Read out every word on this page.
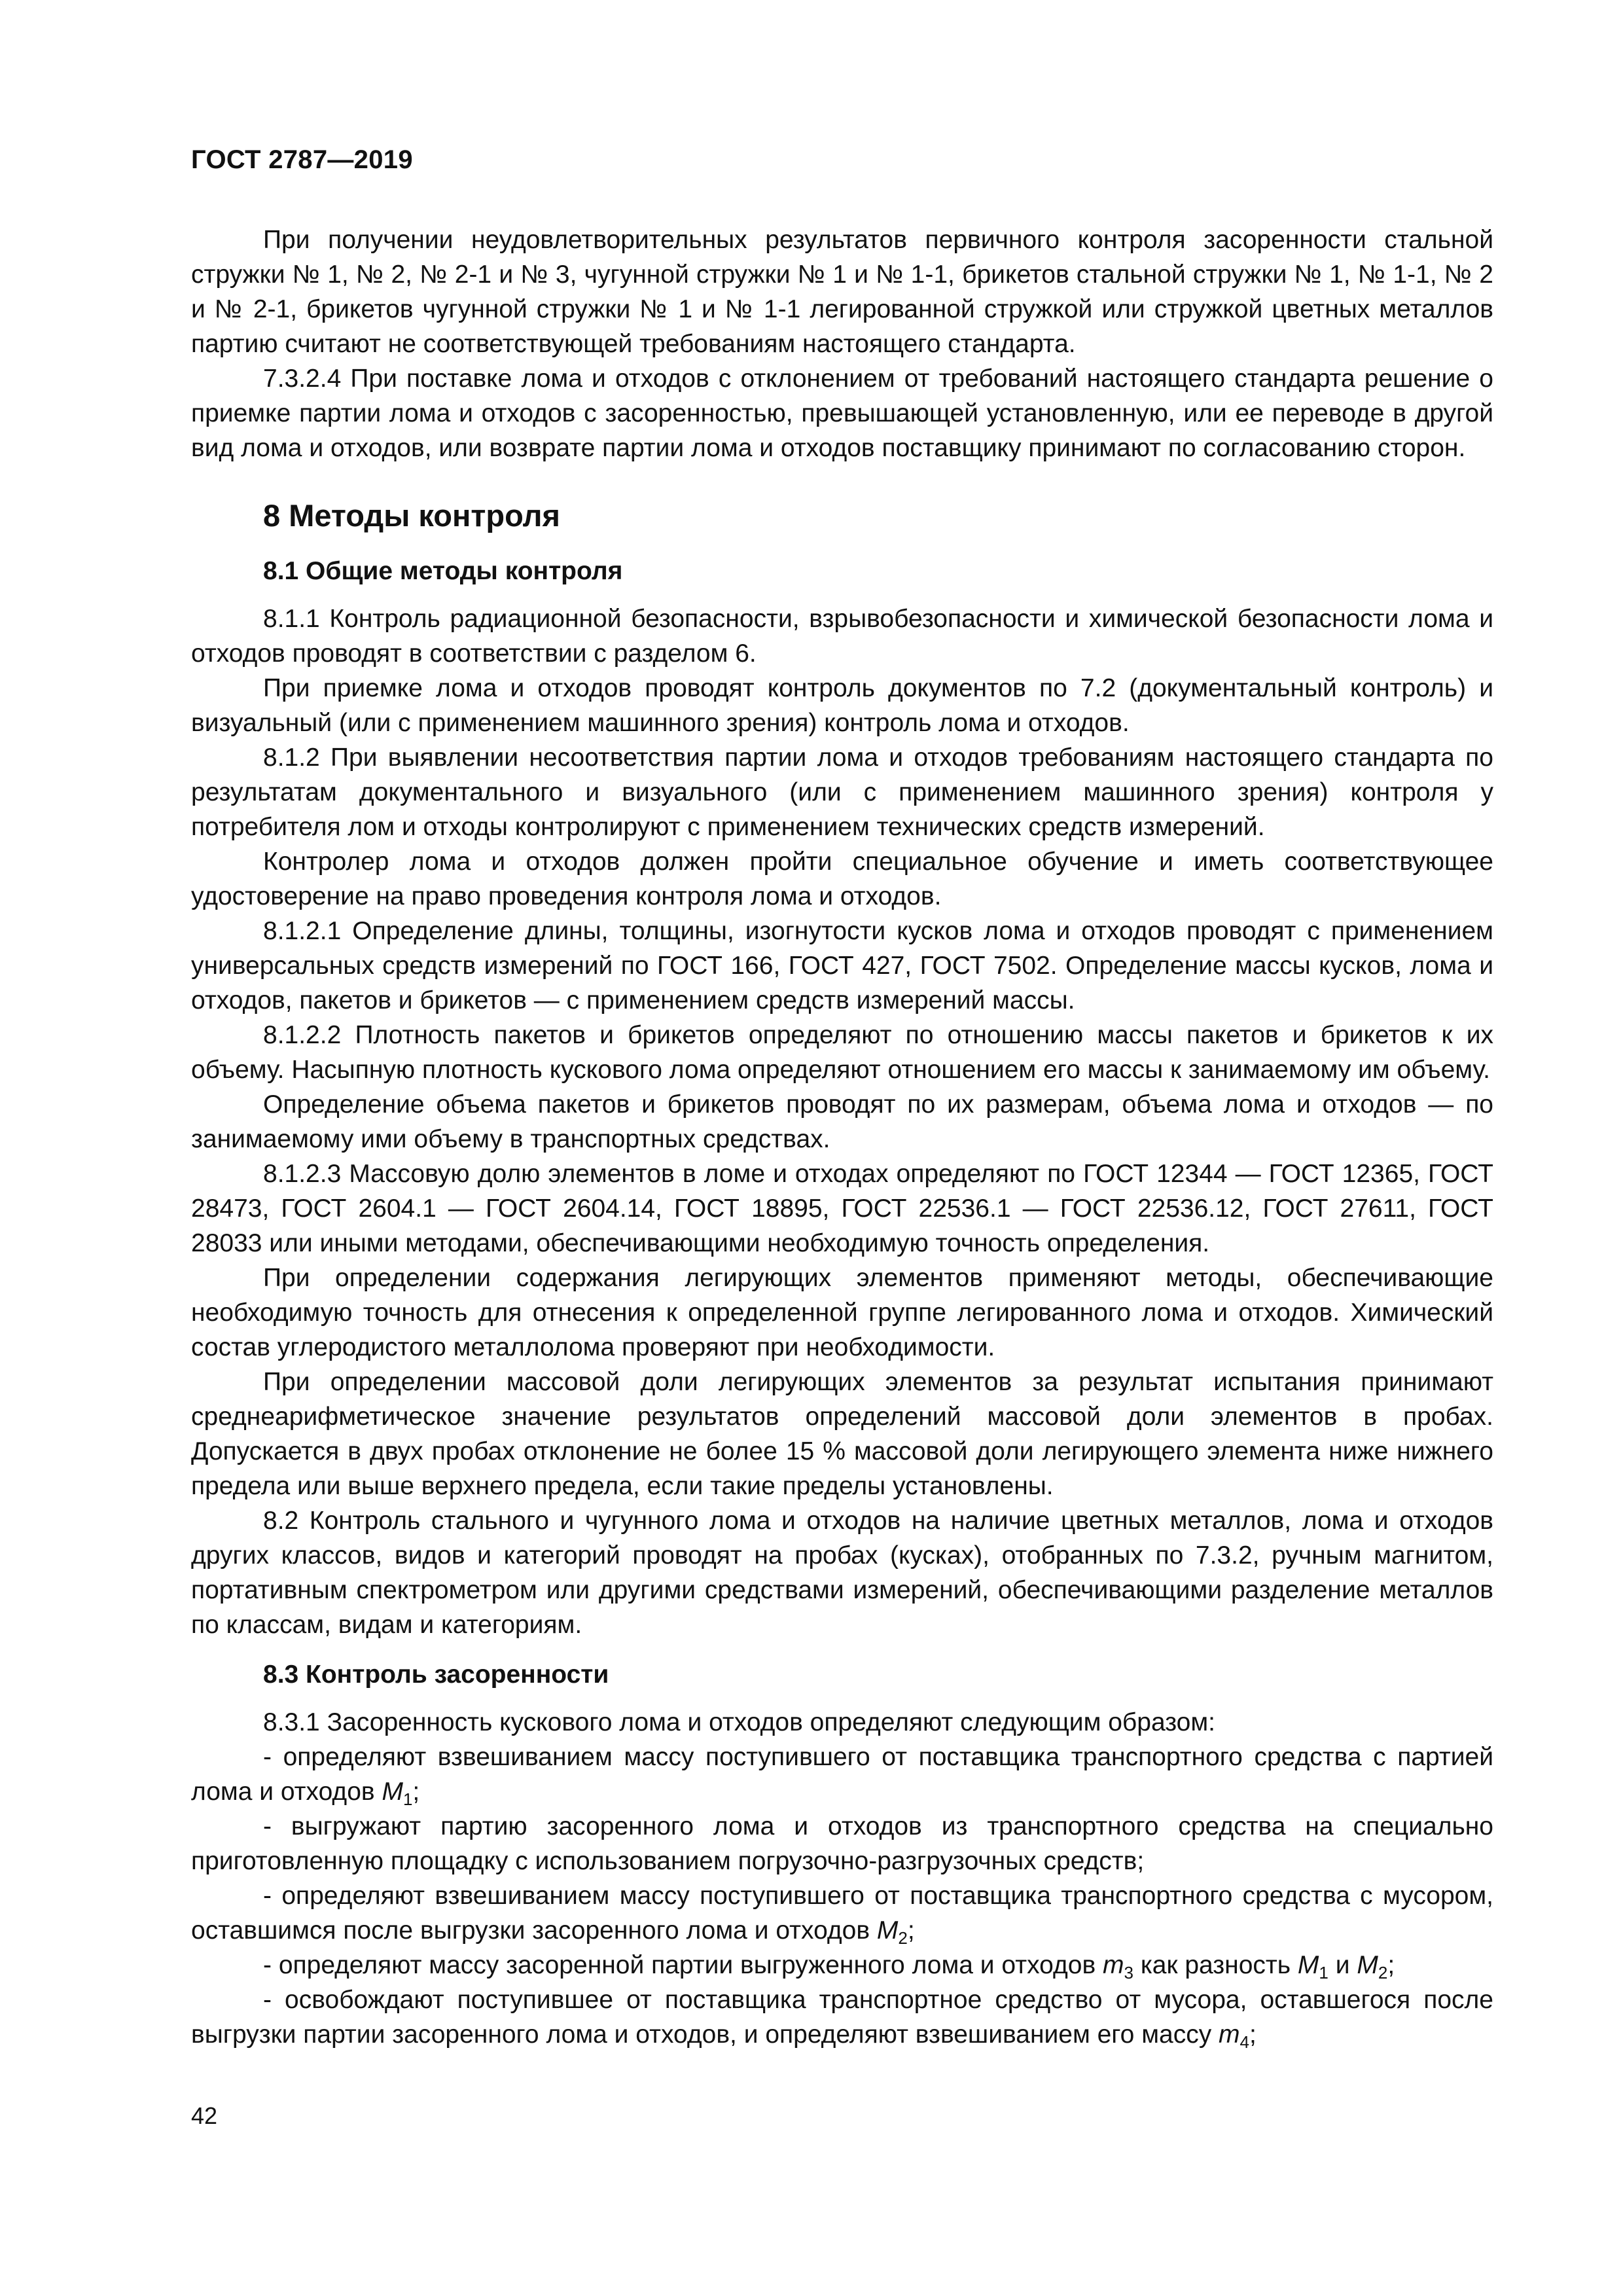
ГОСТ 2787—2019

При получении неудовлетворительных результатов первичного контроля засоренности стальной стружки № 1, № 2, № 2-1 и № 3, чугунной стружки № 1 и № 1-1, брикетов стальной стружки № 1, № 1-1, № 2 и № 2-1, брикетов чугунной стружки № 1 и № 1-1 легированной стружкой или стружкой цветных металлов партию считают не соответствующей требованиям настоящего стандарта.

7.3.2.4 При поставке лома и отходов с отклонением от требований настоящего стандарта решение о приемке партии лома и отходов с засоренностью, превышающей установленную, или ее переводе в другой вид лома и отходов, или возврате партии лома и отходов поставщику принимают по согласованию сторон.

8 Методы контроля
8.1 Общие методы контроля

8.1.1 Контроль радиационной безопасности, взрывобезопасности и химической безопасности лома и отходов проводят в соответствии с разделом 6.

При приемке лома и отходов проводят контроль документов по 7.2 (документальный контроль) и визуальный (или с применением машинного зрения) контроль лома и отходов.

8.1.2 При выявлении несоответствия партии лома и отходов требованиям настоящего стандарта по результатам документального и визуального (или с применением машинного зрения) контроля у потребителя лом и отходы контролируют с применением технических средств измерений.

Контролер лома и отходов должен пройти специальное обучение и иметь соответствующее удостоверение на право проведения контроля лома и отходов.

8.1.2.1 Определение длины, толщины, изогнутости кусков лома и отходов проводят с применением универсальных средств измерений по ГОСТ 166, ГОСТ 427, ГОСТ 7502. Определение массы кусков, лома и отходов, пакетов и брикетов — с применением средств измерений массы.

8.1.2.2 Плотность пакетов и брикетов определяют по отношению массы пакетов и брикетов к их объему. Насыпную плотность кускового лома определяют отношением его массы к занимаемому им объему.

Определение объема пакетов и брикетов проводят по их размерам, объема лома и отходов — по занимаемому ими объему в транспортных средствах.

8.1.2.3 Массовую долю элементов в ломе и отходах определяют по ГОСТ 12344 — ГОСТ 12365, ГОСТ 28473, ГОСТ 2604.1 — ГОСТ 2604.14, ГОСТ 18895, ГОСТ 22536.1 — ГОСТ 22536.12, ГОСТ 27611, ГОСТ 28033 или иными методами, обеспечивающими необходимую точность определения.

При определении содержания легирующих элементов применяют методы, обеспечивающие необходимую точность для отнесения к определенной группе легированного лома и отходов. Химический состав углеродистого металлолома проверяют при необходимости.

При определении массовой доли легирующих элементов за результат испытания принимают среднеарифметическое значение результатов определений массовой доли элементов в пробах. Допускается в двух пробах отклонение не более 15 % массовой доли легирующего элемента ниже нижнего предела или выше верхнего предела, если такие пределы установлены.

8.2 Контроль стального и чугунного лома и отходов на наличие цветных металлов, лома и отходов других классов, видов и категорий проводят на пробах (кусках), отобранных по 7.3.2, ручным магнитом, портативным спектрометром или другими средствами измерений, обеспечивающими разделение металлов по классам, видам и категориям.

8.3 Контроль засоренности

8.3.1 Засоренность кускового лома и отходов определяют следующим образом:

- определяют взвешиванием массу поступившего от поставщика транспортного средства с партией лома и отходов $M_1$;

- выгружают партию засоренного лома и отходов из транспортного средства на специально приготовленную площадку с использованием погрузочно-разгрузочных средств;

- определяют взвешиванием массу поступившего от поставщика транспортного средства с мусором, оставшимся после выгрузки засоренного лома и отходов $M_2$;

- определяют массу засоренной партии выгруженного лома и отходов $m_3$ как разность $M_1$ и $M_2$;

- освобождают поступившее от поставщика транспортное средство от мусора, оставшегося после выгрузки партии засоренного лома и отходов, и определяют взвешиванием его массу $m_4$;

42
